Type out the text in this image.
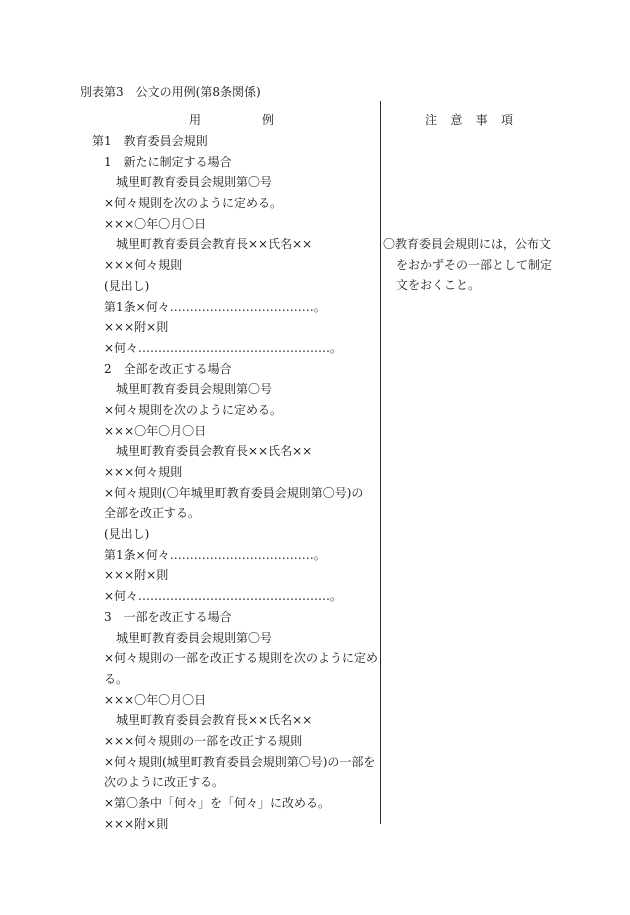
別表第3　公文の用例(第8条関係)
用	例	注 意 事 項
第1　教育委員会規則
1　新たに制定する場合
城里町教育委員会規則第〇号
×何々規則を次のように定める。
×××〇年〇月〇日
城里町教育委員会教育長××氏名××
×××何々規則
(見出し)
第1条×何々………………………………。
×××附×則
×何々…………………………………………。
2　全部を改正する場合
城里町教育委員会規則第〇号
×何々規則を次のように定める。
×××〇年〇月〇日
城里町教育委員会教育長××氏名××
×××何々規則
×何々規則(〇年城里町教育委員会規則第〇号)の
全部を改正する。
(見出し)
第1条×何々………………………………。
×××附×則
×何々…………………………………………。
3　一部を改正する場合
城里町教育委員会規則第〇号
×何々規則の一部を改正する規則を次のように定め
る。
×××〇年〇月〇日
城里町教育委員会教育長××氏名××
×××何々規則の一部を改正する規則
×何々規則(城里町教育委員会規則第〇号)の一部を
次のように改正する。
×第〇条中「何々」を「何々」に改める。
×××附×則
〇教育委員会規則には，公布文
をおかずその一部として制定
文をおくこと。
